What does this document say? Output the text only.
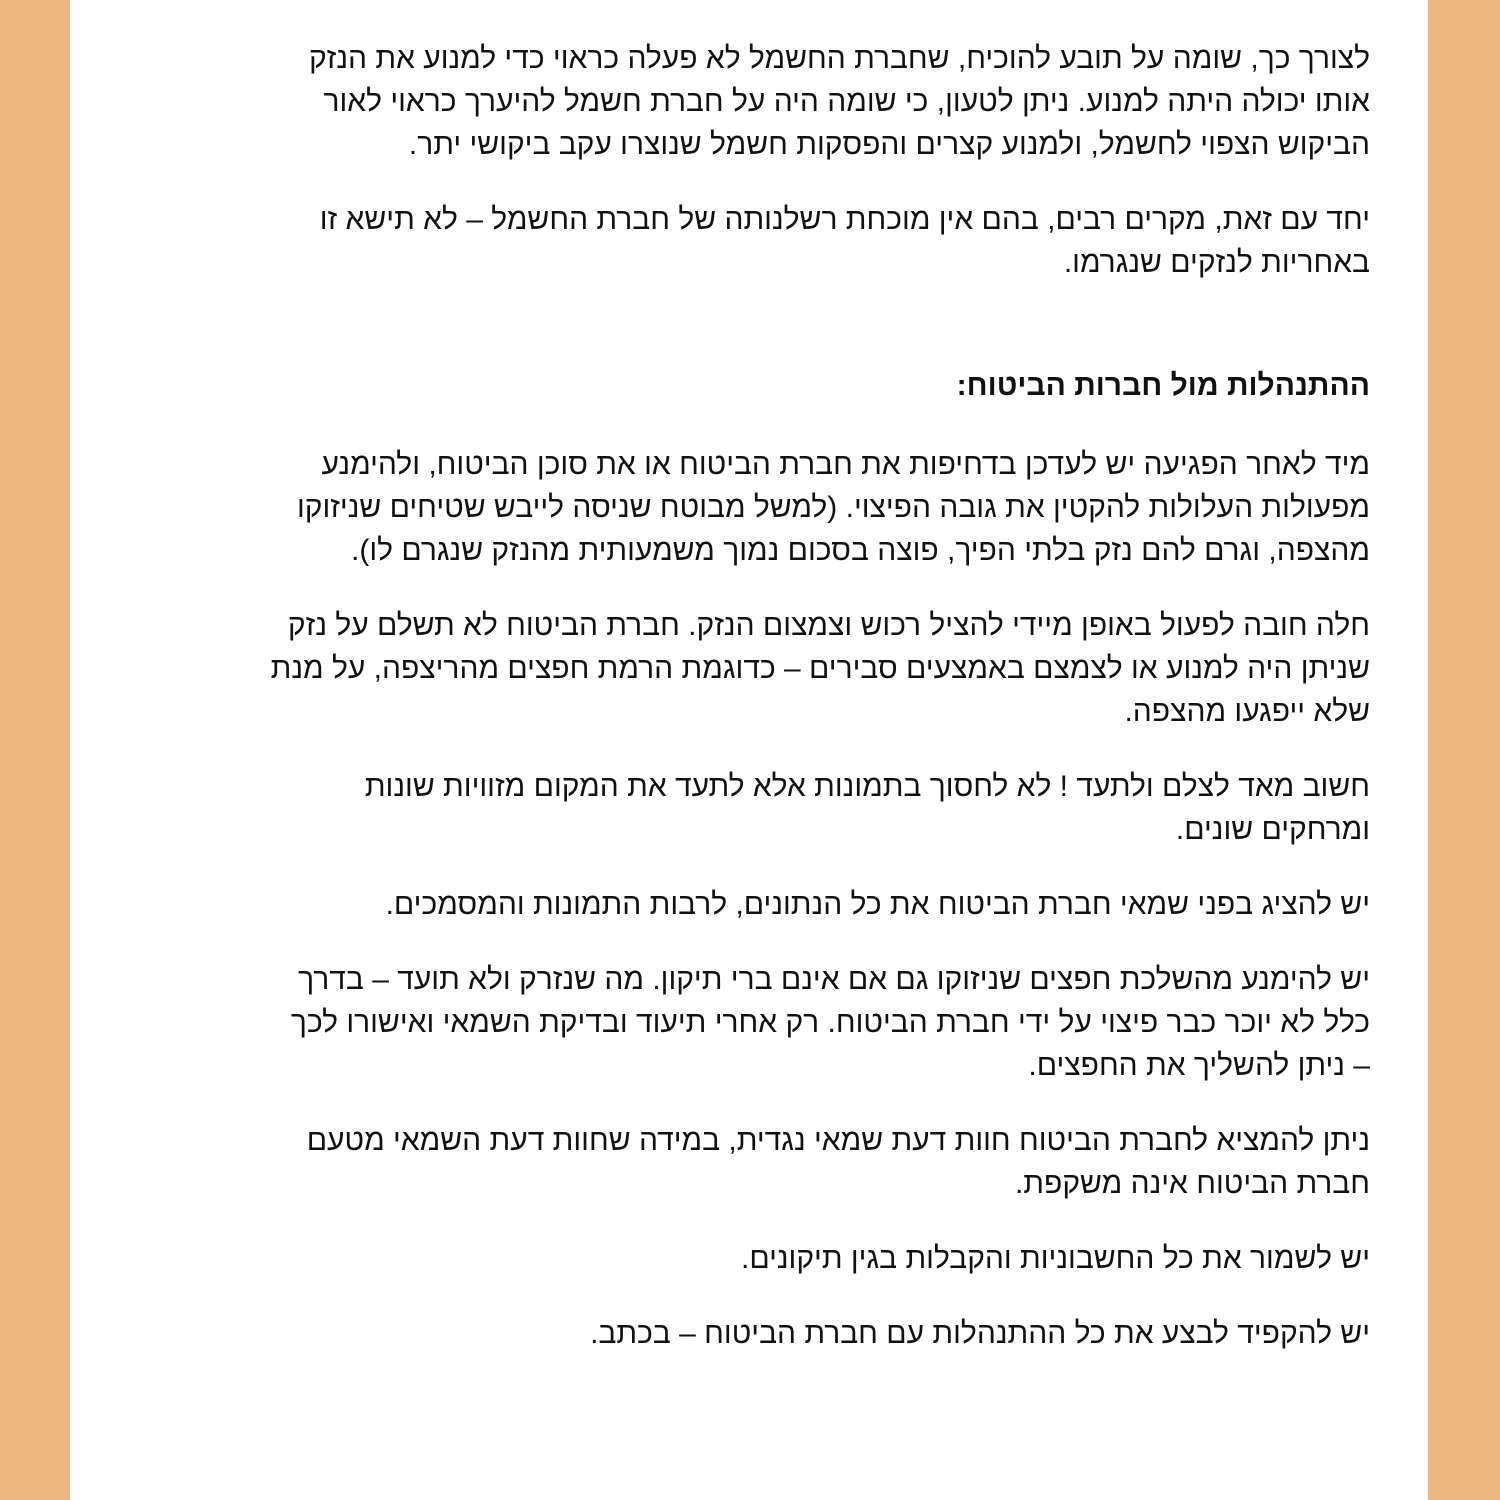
לצורך כך, שומה על תובע להוכיח, שחברת החשמל לא פעלה כראוי כדי למנוע את הנזק
אותו יכולה היתה למנוע. ניתן לטעון, כי שומה היה על חברת חשמל להיערך כראוי לאור
הביקוש הצפוי לחשמל, ולמנוע קצרים והפסקות חשמל שנוצרו עקב ביקושי יתר.

יחד עם זאת, מקרים רבים, בהם אין מוכחת רשלנותה של חברת החשמל – לא תישא זו
באחריות לנזקים שנגרמו.

ההתנהלות מול חברות הביטוח:

מיד לאחר הפגיעה יש לעדכן בדחיפות את חברת הביטוח או את סוכן הביטוח, ולהימנע
מפעולות העלולות להקטין את גובה הפיצוי. (למשל מבוטח שניסה לייבש שטיחים שניזוקו
מהצפה, וגרם להם נזק בלתי הפיך, פוצה בסכום נמוך משמעותית מהנזק שנגרם לו).

חלה חובה לפעול באופן מיידי להציל רכוש וצמצום הנזק. חברת הביטוח לא תשלם על נזק
שניתן היה למנוע או לצמצם באמצעים סבירים – כדוגמת הרמת חפצים מהריצפה, על מנת
שלא ייפגעו מהצפה.

חשוב מאד לצלם ולתעד ! לא לחסוך בתמונות אלא לתעד את המקום מזוויות שונות
ומרחקים שונים.

יש להציג בפני שמאי חברת הביטוח את כל הנתונים, לרבות התמונות והמסמכים.

יש להימנע מהשלכת חפצים שניזוקו גם אם אינם ברי תיקון. מה שנזרק ולא תועד – בדרך
כלל לא יוכר כבר פיצוי על ידי חברת הביטוח. רק אחרי תיעוד ובדיקת השמאי ואישורו לכך
– ניתן להשליך את החפצים.

ניתן להמציא לחברת הביטוח חוות דעת שמאי נגדית, במידה שחוות דעת השמאי מטעם
חברת הביטוח אינה משקפת.

יש לשמור את כל החשבוניות והקבלות בגין תיקונים.

יש להקפיד לבצע את כל ההתנהלות עם חברת הביטוח – בכתב.
